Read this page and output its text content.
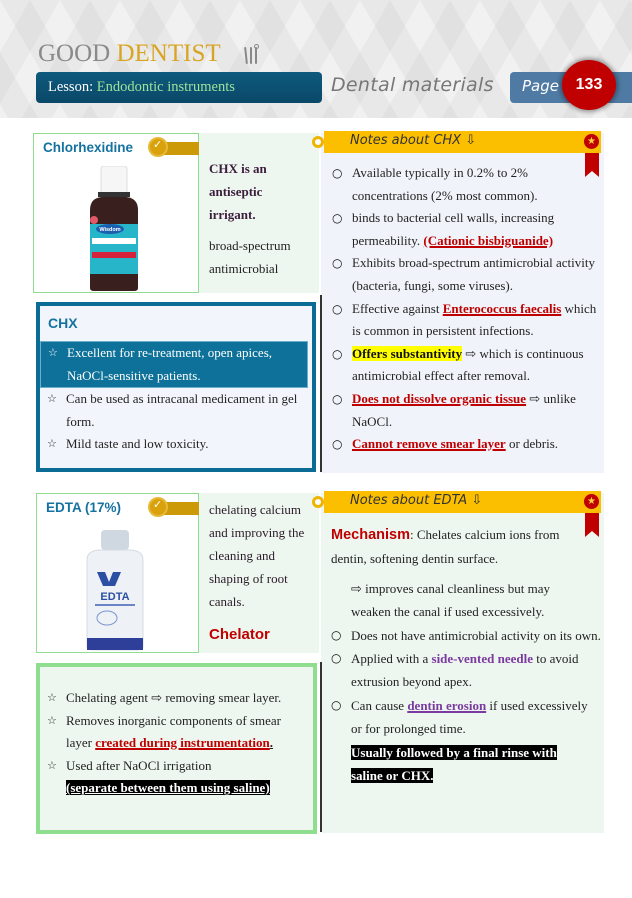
GOOD DENTIST
Lesson: Endodontic instruments	Dental materials Page	133
Chlorhexidine
✓
Wisdom
CHX is an antiseptic irrigant.
broad-spectrum antimicrobial
CHX
☆ Excellent for re-treatment, open apices, NaOCl-sensitive patients.
☆ Can be used as intracanal medicament in gel form.
☆ Mild taste and low toxicity.
Notes about CHX ⇩	★
○ Available typically in 0.2% to 2% concentrations (2% most common).
○ binds to bacterial cell walls, increasing permeability. (Cationic bisbiguanide)
○ Exhibits broad-spectrum antimicrobial activity (bacteria, fungi, some viruses).
○ Effective against Enterococcus faecalis which is common in persistent infections.
○ Offers substantivity ⇨ which is continuous antimicrobial effect after removal.
○ Does not dissolve organic tissue ⇨ unlike NaOCl.
○ Cannot remove smear layer or debris.
EDTA (17%)
✓
EDTA
chelating calcium and improving the cleaning and shaping of root canals.
Chelator
☆ Chelating agent ⇨ removing smear layer.
☆ Removes inorganic components of smear layer created during instrumentation.
☆ Used after NaOCl irrigation
(separate between them using saline)
Notes about EDTA ⇩	★
Mechanism: Chelates calcium ions from dentin, softening dentin surface.
⇨ improves canal cleanliness but may weaken the canal if used excessively.
○ Does not have antimicrobial activity on its own.
○ Applied with a side-vented needle to avoid extrusion beyond apex.
○ Can cause dentin erosion if used excessively or for prolonged time.
Usually followed by a final rinse with saline or CHX.
